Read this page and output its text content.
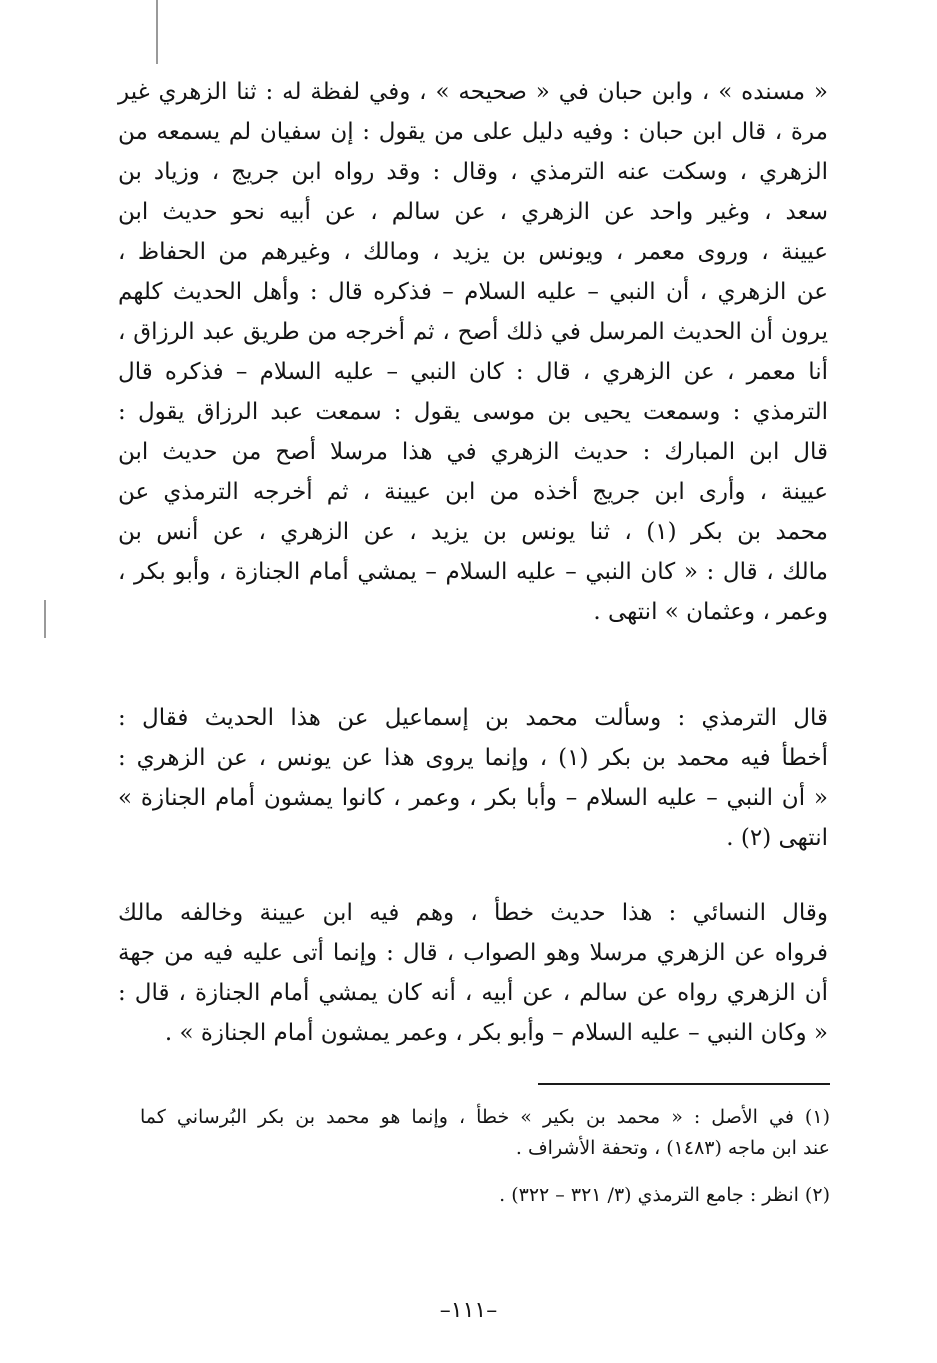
« مسنده » ، وابن حبان في « صحيحه » ، وفي لفظة له : ثنا الزهري غير
مرة ، قال ابن حبان : وفيه دليل على من يقول : إن سفيان لم يسمعه من
الزهري ، وسكت عنه الترمذي ، وقال : وقد رواه ابن جريج ، وزياد بن
سعد ، وغير واحد عن الزهري ، عن سالم ، عن أبيه نحو حديث ابن
عيينة ، وروى معمر ، ويونس بن يزيد ، ومالك ، وغيرهم من الحفاظ ،
عن الزهري ، أن النبي – عليه السلام – فذكره قال : وأهل الحديث كلهم
يرون أن الحديث المرسل في ذلك أصح ، ثم أخرجه من طريق عبد الرزاق ،
أنا معمر ، عن الزهري ، قال : كان النبي – عليه السلام – فذكره قال
الترمذي : وسمعت يحيى بن موسى يقول : سمعت عبد الرزاق يقول :
قال ابن المبارك : حديث الزهري في هذا مرسلا أصح من حديث ابن
عيينة ، وأرى ابن جريج أخذه من ابن عيينة ، ثم أخرجه الترمذي عن
محمد بن بكر (١) ، ثنا يونس بن يزيد ، عن الزهري ، عن أنس بن
مالك ، قال : « كان النبي – عليه السلام – يمشي أمام الجنازة ، وأبو بكر ،
وعمر ، وعثمان » انتهى .
قال الترمذي : وسألت محمد بن إسماعيل عن هذا الحديث فقال :
أخطأ فيه محمد بن بكر (١) ، وإنما يروى هذا عن يونس ، عن الزهري :
« أن النبي – عليه السلام – وأبا بكر ، وعمر ، كانوا يمشون أمام الجنازة »
انتهى (٢) .
وقال النسائي : هذا حديث خطأ ، وهم فيه ابن عيينة وخالفه مالك
فرواه عن الزهري مرسلا وهو الصواب ، قال : وإنما أتى عليه فيه من جهة
أن الزهري رواه عن سالم ، عن أبيه ، أنه كان يمشي أمام الجنازة ، قال :
« وكان النبي – عليه السلام – وأبو بكر ، وعمر يمشون أمام الجنازة » .
(١) في الأصل : « محمد بن بكير » خطأ ، وإنما هو محمد بن بكر البُرساني كما
عند ابن ماجه (١٤٨٣) ، وتحفة الأشراف .
(٢) انظر : جامع الترمذي (٣/ ٣٢١ – ٣٢٢) .
–١١١–
